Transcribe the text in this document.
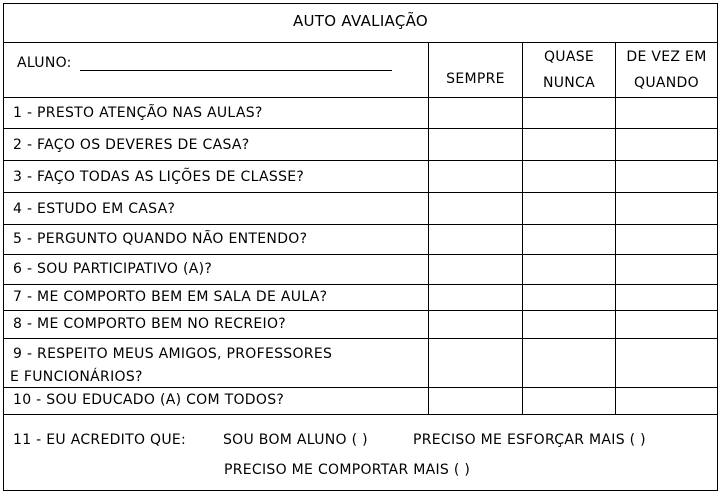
AUTO AVALIAÇÃO
ALUNO:
SEMPRE
QUASE
NUNCA
DE VEZ EM
QUANDO
1 - PRESTO ATENÇÃO NAS AULAS?
2 - FAÇO OS DEVERES DE CASA?
3 - FAÇO TODAS AS LIÇÕES DE CLASSE?
4 - ESTUDO EM CASA?
5 - PERGUNTO QUANDO NÃO ENTENDO?
6 - SOU PARTICIPATIVO (A)?
7 - ME COMPORTO BEM EM SALA DE AULA?
8 - ME COMPORTO BEM NO RECREIO?
9 - RESPEITO MEUS AMIGOS, PROFESSORES
E FUNCIONÁRIOS?
10 - SOU EDUCADO (A) COM TODOS?
11 - EU ACREDITO QUE:	SOU BOM ALUNO ( )	PRECISO ME ESFORÇAR MAIS ( )
PRECISO ME COMPORTAR MAIS ( )
